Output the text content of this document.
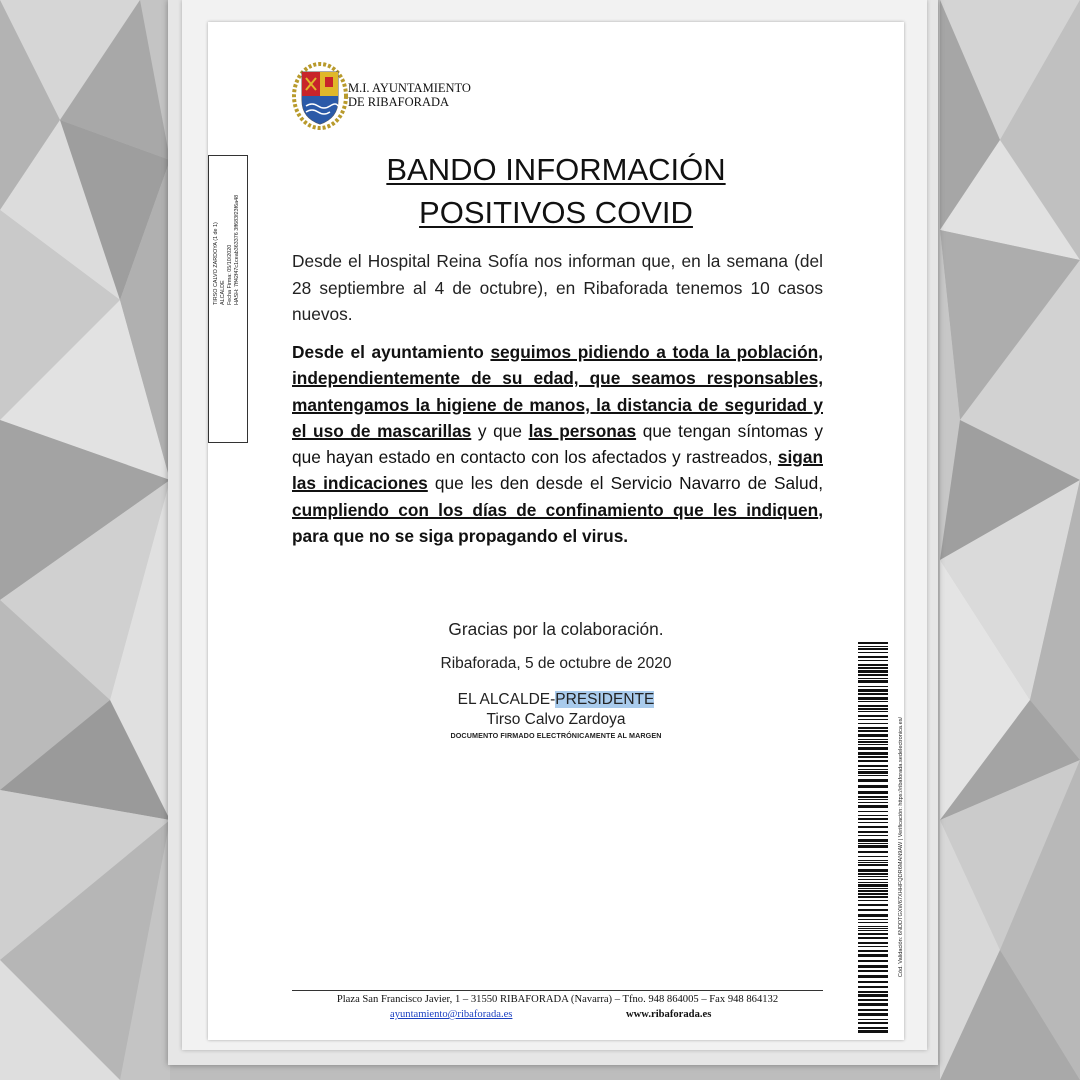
M.I. AYUNTAMIENTO
DE RIBAFORADA
TIRSO CALVO ZARDOYA (1 de 1) ALCALDE Fecha Firma: 05/10/2020 HASH: 7ff42f47c1ceab363376 3ff683f23f6a48
BANDO INFORMACIÓN
POSITIVOS COVID
Desde el Hospital Reina Sofía nos informan que, en la semana (del 28 septiembre al 4 de octubre), en Ribaforada tenemos 10 casos nuevos.
Desde el ayuntamiento seguimos pidiendo a toda la población, independientemente de su edad, que seamos responsables, mantengamos la higiene de manos, la distancia de seguridad y el uso de mascarillas y que las personas que tengan síntomas y que hayan estado en contacto con los afectados y rastreados, sigan las indicaciones que les den desde el Servicio Navarro de Salud, cumpliendo con los días de confinamiento que les indiquen, para que no se siga propagando el virus.
Gracias por la colaboración.
Ribaforada, 5 de octubre de 2020
EL ALCALDE-PRESIDENTE
Tirso Calvo Zardoya
DOCUMENTO FIRMADO ELECTRÓNICAMENTE AL MARGEN	Cód. Validación: 6NDDTGXW67XHHFQDR6MAN9AW | Verificación: https://ribaforada.sedelectronica.es/
Plaza San Francisco Javier, 1 – 31550 RIBAFORADA (Navarra) – Tfno. 948 864005 – Fax 948 864132
ayuntamiento@ribaforada.es	www.ribaforada.es
